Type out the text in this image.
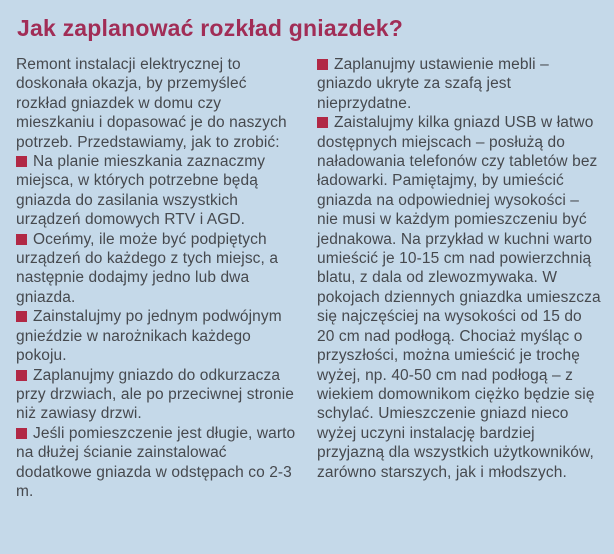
Jak zaplanować rozkład gniazdek?

Remont instalacji elektrycznej to doskonała okazja, by przemyśleć rozkład gniazdek w domu czy mieszkaniu i dopasować je do naszych potrzeb. Przedstawiamy, jak to zrobić:

Na planie mieszkania zaznaczmy miejsca, w których potrzebne będą gniazda do zasilania wszystkich urządzeń domowych RTV i AGD.

Oceńmy, ile może być podpiętych urządzeń do każdego z tych miejsc, a następnie dodajmy jedno lub dwa gniazda.

Zainstalujmy po jednym podwójnym gnieździe w narożnikach każdego pokoju.

Zaplanujmy gniazdo do odkurzacza przy drzwiach, ale po przeciwnej stronie niż zawiasy drzwi.

Jeśli pomieszczenie jest długie, warto na dłużej ścianie zainstalować dodatkowe gniazda w odstępach co 2-3 m.

Zaplanujmy ustawienie mebli – gniazdo ukryte za szafą jest nieprzydatne.

Zaistalujmy kilka gniazd USB w łatwo dostępnych miejscach – posłużą do naładowania telefonów czy tabletów bez ładowarki. Pamiętajmy, by umieścić gniazda na odpowiedniej wysokości – nie musi w każdym pomieszczeniu być jednakowa. Na przykład w kuchni warto umieścić je 10-15 cm nad powierzchnią blatu, z dala od zlewozmywaka. W pokojach dziennych gniazdka umieszcza się najczęściej na wysokości od 15 do 20 cm nad podłogą. Chociaż myśląc o przyszłości, można umieścić je trochę wyżej, np. 40-50 cm nad podłogą – z wiekiem domownikom ciężko będzie się schylać. Umieszczenie gniazd nieco wyżej uczyni instalację bardziej przyjazną dla wszystkich użytkowników, zarówno starszych, jak i młodszych.
